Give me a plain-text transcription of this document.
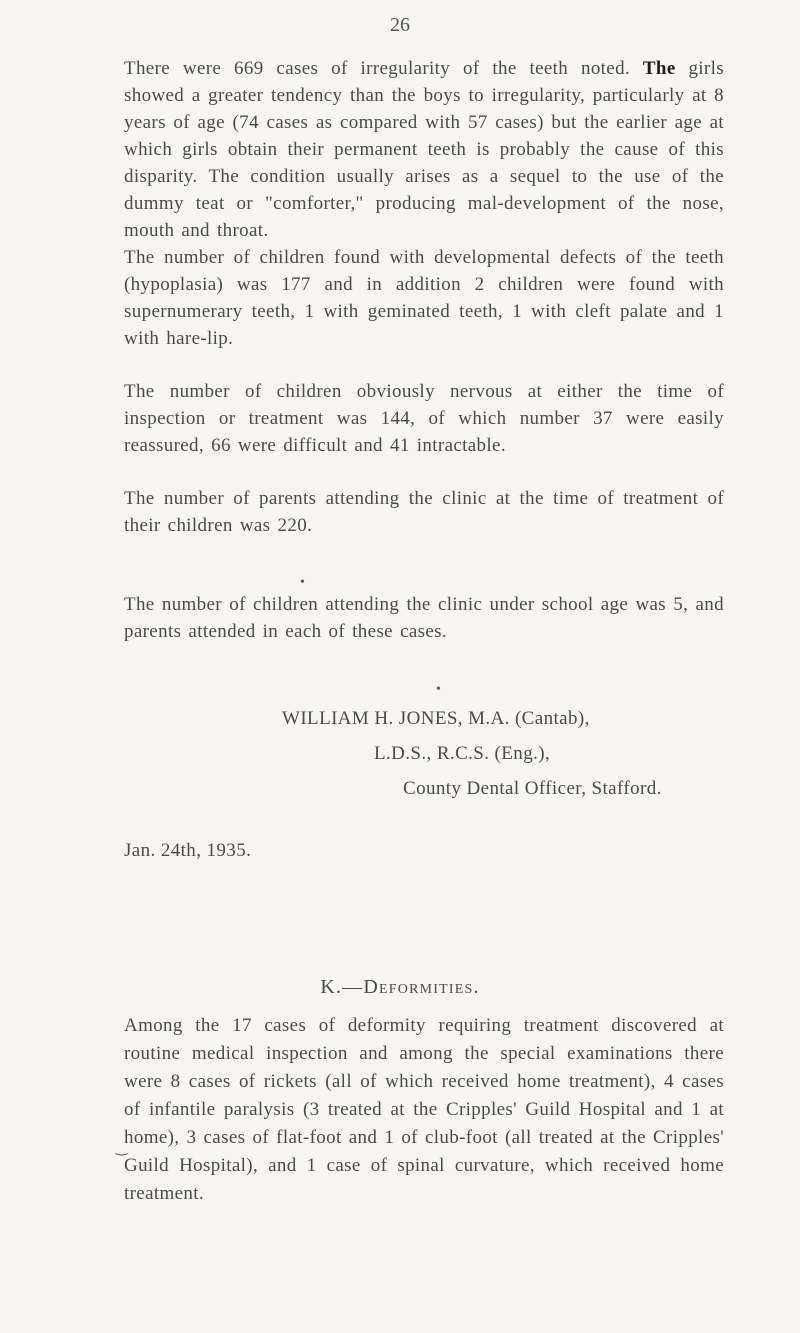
26

There were 669 cases of irregularity of the teeth noted. The girls showed a greater tendency than the boys to irregularity, particularly at 8 years of age (74 cases as compared with 57 cases) but the earlier age at which girls obtain their permanent teeth is probably the cause of this disparity. The condition usually arises as a sequel to the use of the dummy teat or "comforter," producing mal-development of the nose, mouth and throat.

The number of children found with developmental defects of the teeth (hypoplasia) was 177 and in addition 2 children were found with supernumerary teeth, 1 with geminated teeth, 1 with cleft palate and 1 with hare-lip.

The number of children obviously nervous at either the time of inspection or treatment was 144, of which number 37 were easily reassured, 66 were difficult and 41 intractable.

The number of parents attending the clinic at the time of treatment of their children was 220.

•

The number of children attending the clinic under school age was 5, and parents attended in each of these cases.

•
WILLIAM H. JONES, M.A. (Cantab),
L.D.S., R.C.S. (Eng.),
County Dental Officer, Stafford.
Jan. 24th, 1935.
K.—Deformities.

Among the 17 cases of deformity requiring treatment discovered at routine medical inspection and among the special examinations there were 8 cases of rickets (all of which received home treatment), 4 cases of infantile paralysis (3 treated at the Cripples' Guild Hospital and 1 at home), 3 cases of flat-foot and 1 of club-foot (all treated at the Cripples' Guild Hospital), and 1 case of spinal curvature, which received home treatment.

‿
